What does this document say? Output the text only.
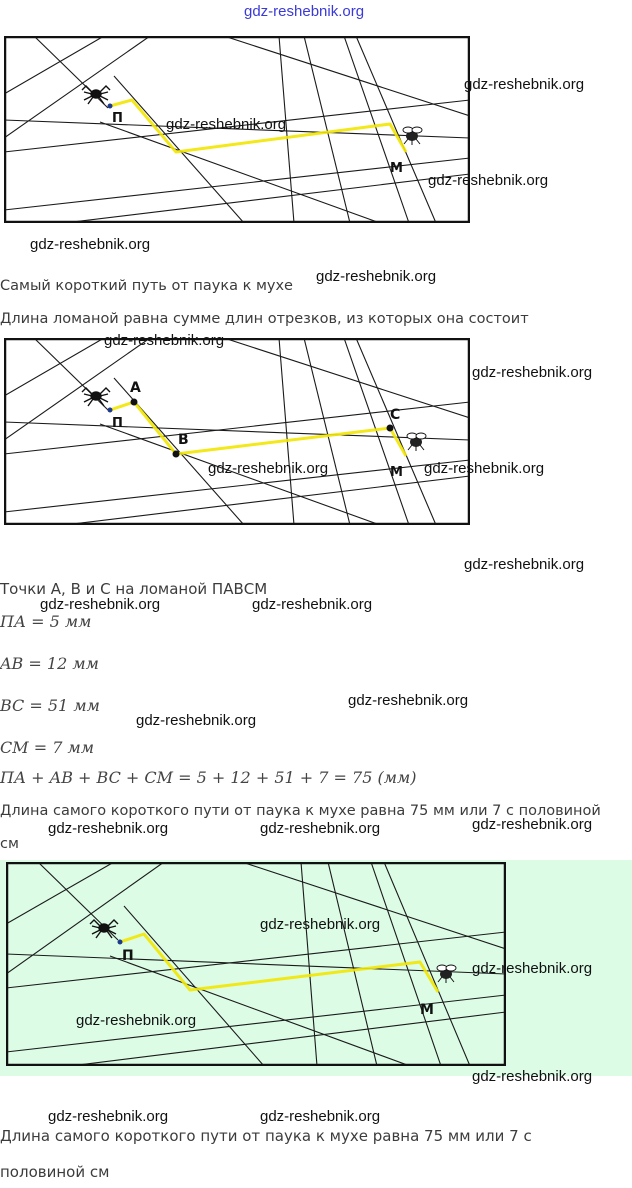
gdz-reshebnik.org
П
М
gdz-reshebnik.org
gdz-reshebnik.org
gdz-reshebnik.org
gdz-reshebnik.org
Самый короткий путь от паука к мухе
gdz-reshebnik.org
Длина ломаной равна сумме длин отрезков, из которых она состоит
A
B
C
П
М
gdz-reshebnik.org
gdz-reshebnik.org
gdz-reshebnik.org	gdz-reshebnik.org
gdz-reshebnik.org
Точки A, B и C на ломаной ПАВСМ
gdz-reshebnik.org	gdz-reshebnik.org
ПА = 5 мм
AB = 12 мм
BC = 51 мм	gdz-reshebnik.org
gdz-reshebnik.org
CM = 7 мм
ПА + AB + BC + CM = 5 + 12 + 51 + 7 = 75 (мм)
Длина самого короткого пути от паука к мухе равна 75 мм или 7 с половиной
gdz-reshebnik.org	gdz-reshebnik.org	gdz-reshebnik.org
см
П
М
gdz-reshebnik.org
gdz-reshebnik.org
gdz-reshebnik.org
gdz-reshebnik.org
gdz-reshebnik.org	gdz-reshebnik.org
Длина самого короткого пути от паука к мухе равна 75 мм или 7 с
половиной см
